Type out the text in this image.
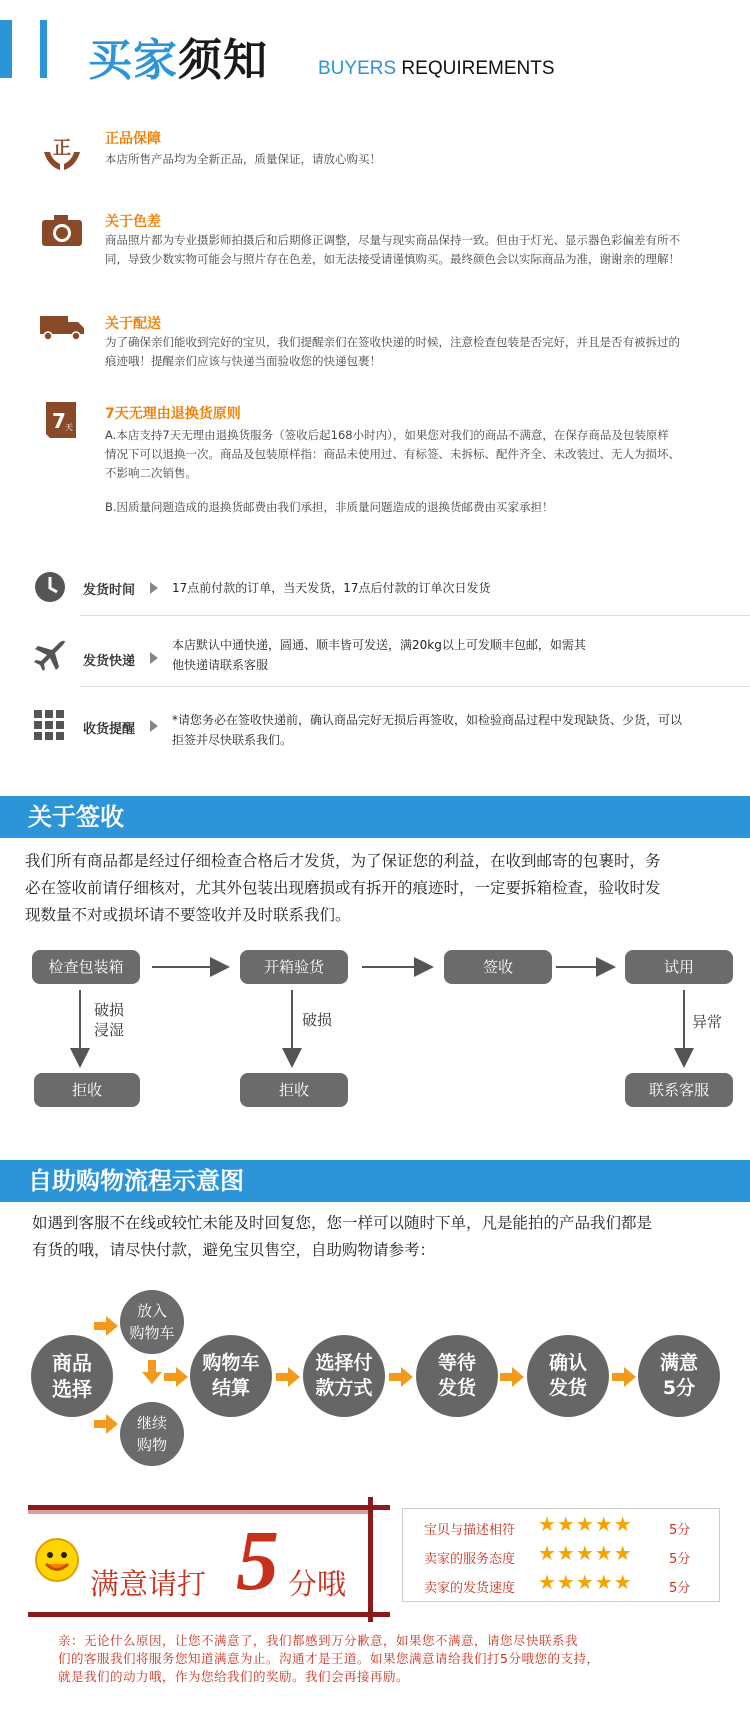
买家须知	BUYERS REQUIREMENTS
正 正品保障
本店所售产品均为全新正品，质量保证，请放心购买！
关于色差
商品照片都为专业摄影师拍摄后和后期修正调整，尽量与现实商品保持一致。但由于灯光、显示器色彩偏差有所不
同，导致少数实物可能会与照片存在色差，如无法接受请谨慎购买。最终颜色会以实际商品为准，谢谢亲的理解！
关于配送
为了确保亲们能收到完好的宝贝，我们提醒亲们在签收快递的时候，注意检查包装是否完好，并且是否有被拆过的
痕迹哦！提醒亲们应该与快递当面验收您的快递包裹！
7 天
7天无理由退换货原则
A.本店支持7天无理由退换货服务（签收后起168小时内），如果您对我们的商品不满意，在保存商品及包装原样
情况下可以退换一次。商品及包装原样指：商品未使用过、有标签、未拆标、配件齐全、未改装过、无人为损坏、
不影响二次销售。
B.因质量问题造成的退换货邮费由我们承担，非质量问题造成的退换货邮费由买家承担！
发货时间	17点前付款的订单，当天发货，17点后付款的订单次日发货
发货快递
本店默认中通快递，圆通、顺丰皆可发送，满20kg以上可发顺丰包邮，如需其
他快递请联系客服
收货提醒
*请您务必在签收快递前，确认商品完好无损后再签收，如检验商品过程中发现缺货、少货，可以
拒签并尽快联系我们。
关于签收
我们所有商品都是经过仔细检查合格后才发货，为了保证您的利益，在收到邮寄的包裹时，务
必在签收前请仔细核对，尤其外包装出现磨损或有拆开的痕迹时，一定要拆箱检查，验收时发
现数量不对或损坏请不要签收并及时联系我们。
检查包装箱	开箱验货	签收	试用
破损
浸湿
破损	异常
拒收	拒收	联系客服
自助购物流程示意图
如遇到客服不在线或较忙未能及时回复您，您一样可以随时下单，凡是能拍的产品我们都是
有货的哦，请尽快付款，避免宝贝售空，自助购物请参考：
商品
选择
放入
购物车
继续
购物
购物车
结算
选择付
款方式
等待
发货
确认
发货
满意
5分
满意请打 5 分哦
宝贝与描述相符 ★★★★★	5分
卖家的服务态度 ★★★★★	5分
卖家的发货速度 ★★★★★	5分
亲：无论什么原因，让您不满意了，我们都感到万分歉意，如果您不满意，请您尽快联系我
们的客服我们将服务您知道满意为止。沟通才是王道。如果您满意请给我们打5分哦您的支持，
就是我们的动力哦，作为您给我们的奖励。我们会再接再励。
